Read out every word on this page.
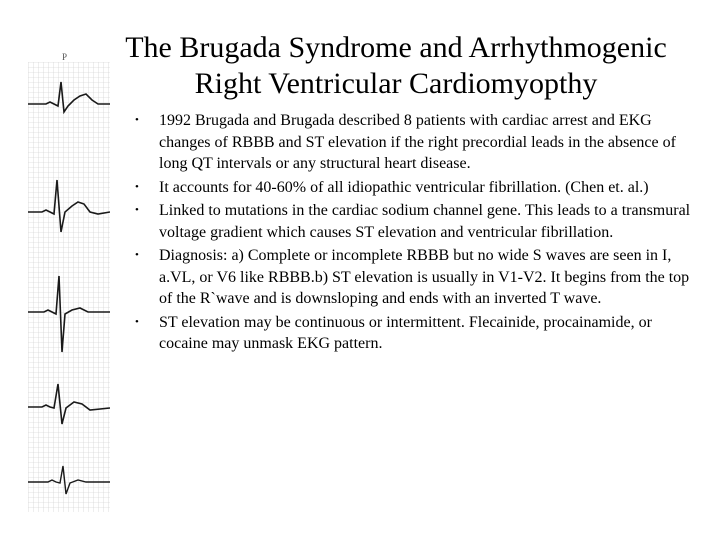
P	The Brugada Syndrome and Arrhythmogenic
Right Ventricular Cardiomyopthy
• 1992 Brugada and Brugada described 8 patients with cardiac arrest and EKG changes of RBBB and ST elevation if the right precordial leads in the absence of long QT intervals or any structural heart disease.
• It accounts for 40-60% of all idiopathic ventricular fibrillation. (Chen et. al.)
• Linked to mutations in the cardiac sodium channel gene. This leads to a transmural voltage gradient which causes ST elevation and ventricular fibrillation.
• Diagnosis: a) Complete or incomplete RBBB but no wide S waves are seen in I, a.VL, or V6 like RBBB.b) ST elevation is usually in V1-V2. It begins from the top of the R`wave and is downsloping and ends with an inverted T wave.
• ST elevation may be continuous or intermittent. Flecainide, procainamide, or cocaine may unmask EKG pattern.
